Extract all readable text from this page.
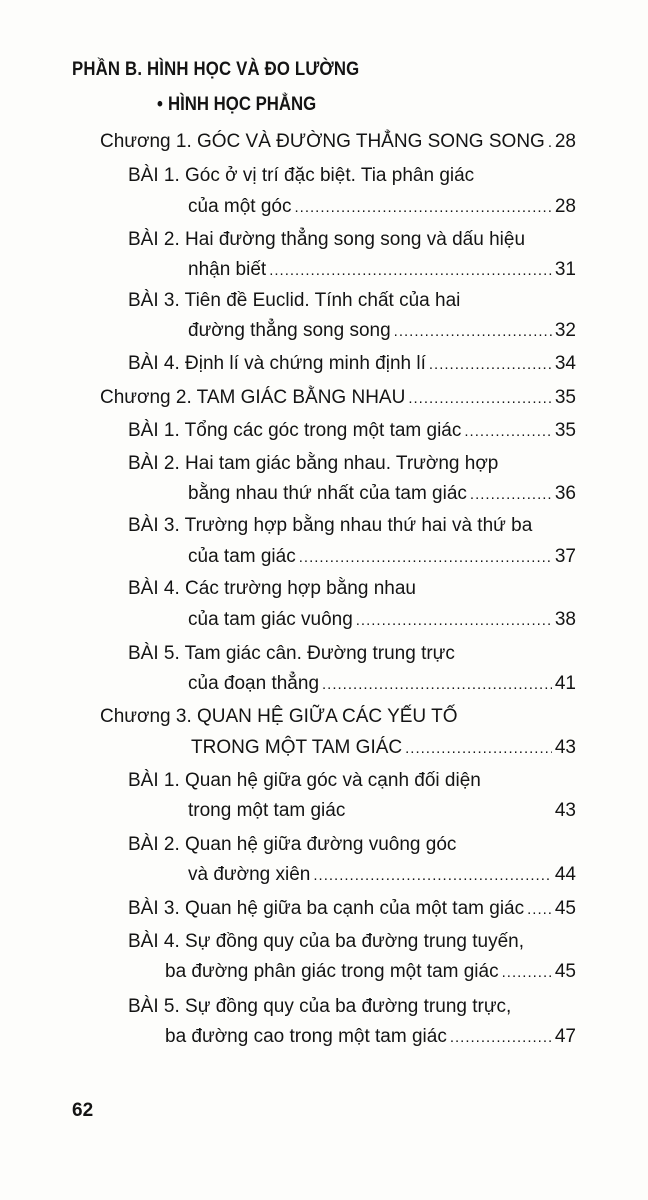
PHẦN B. HÌNH HỌC VÀ ĐO LƯỜNG
• HÌNH HỌC PHẲNG
Chương 1. GÓC VÀ ĐƯỜNG THẲNG SONG SONG ..... 28
BÀI 1. Góc ở vị trí đặc biệt. Tia phân giác
của một góc .....	28
BÀI 2. Hai đường thẳng song song và dấu hiệu
nhận biết .....	31
BÀI 3. Tiên đề Euclid. Tính chất của hai
đường thẳng song song .....	32
BÀI 4. Định lí và chứng minh định lí .....	34
Chương 2. TAM GIÁC BẰNG NHAU .....	35
BÀI 1. Tổng các góc trong một tam giác .....	35
BÀI 2. Hai tam giác bằng nhau. Trường hợp
bằng nhau thứ nhất của tam giác .....	36
BÀI 3. Trường hợp bằng nhau thứ hai và thứ ba
của tam giác .....	37
BÀI 4. Các trường hợp bằng nhau
của tam giác vuông .....	38
BÀI 5. Tam giác cân. Đường trung trực
của đoạn thẳng .....	41
Chương 3. QUAN HỆ GIỮA CÁC YẾU TỐ
TRONG MỘT TAM GIÁC .....	43
BÀI 1. Quan hệ giữa góc và cạnh đối diện
trong một tam giác	43
BÀI 2. Quan hệ giữa đường vuông góc
và đường xiên .....	44
BÀI 3. Quan hệ giữa ba cạnh của một tam giác ..... 45
BÀI 4. Sự đồng quy của ba đường trung tuyến,
ba đường phân giác trong một tam giác .....	45
BÀI 5. Sự đồng quy của ba đường trung trực,
ba đường cao trong một tam giác .....	47
62
